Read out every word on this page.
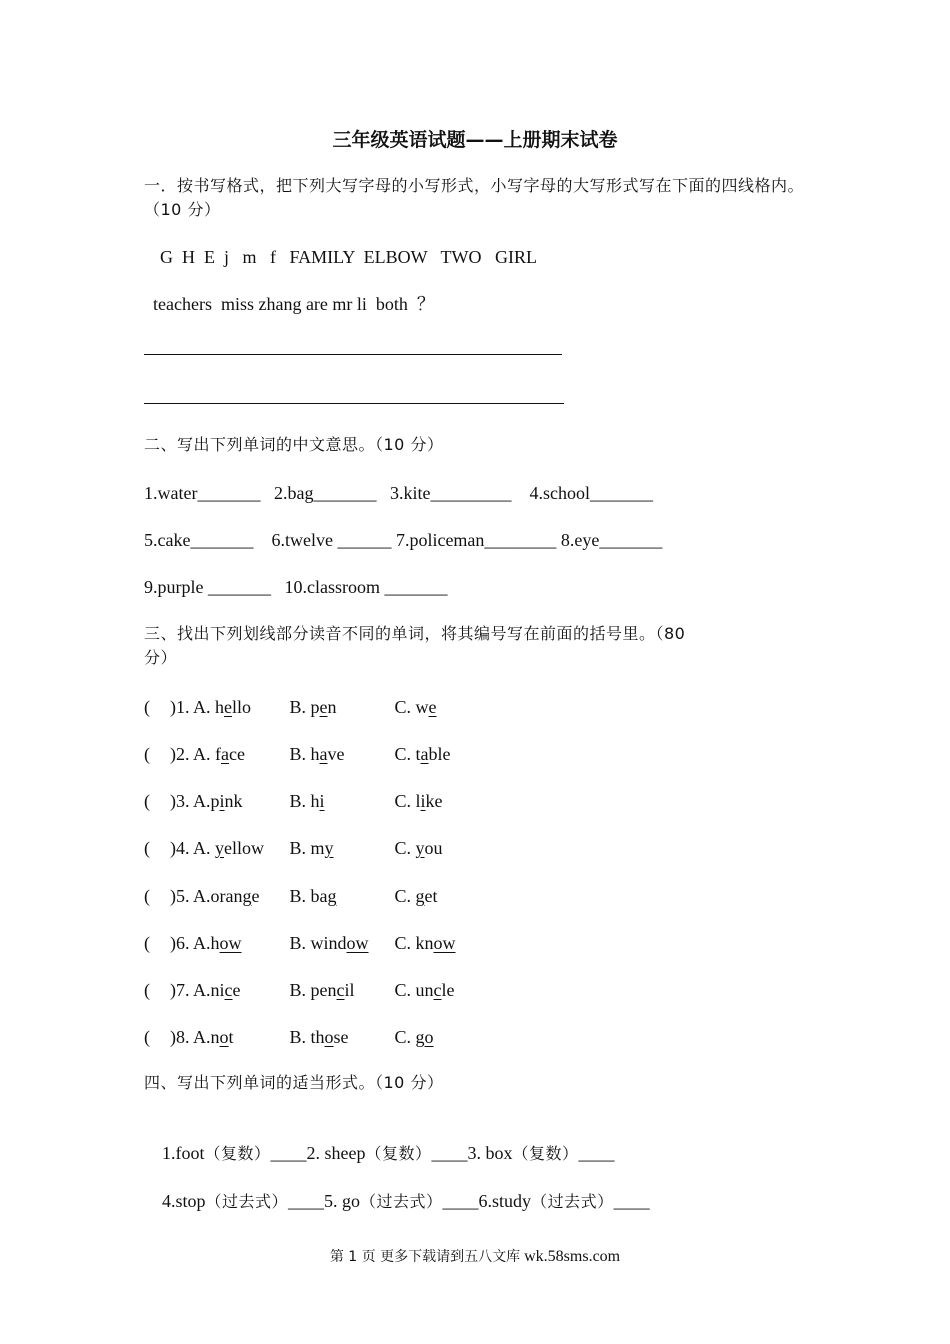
三年级英语试题——上册期末试卷
一．按书写格式，把下列大写字母的小写形式，小写字母的大写形式写在下面的四线格内。
（10 分）
G  H  E  j   m   f   FAMILY  ELBOW   TWO   GIRL
teachers  miss zhang are mr li  both  ？
二、写出下列单词的中文意思。（10 分）
1.water_______   2.bag_______   3.kite_________    4.school_______
5.cake_______    6.twelve ______ 7.policeman________ 8.eye_______
9.purple _______   10.classroom _______
三、找出下列划线部分读音不同的单词，将其编号写在前面的括号里。（80
分）
( )1. A. hello B. pen	C. we
( )2. A. face B. have	C. table
( )3. A.pink	B. hi	C. like
( )4. A. yellow B. my	C. you
( )5. A.orange B. bag	C. get
( )6. A.how	B. window C. know
( )7. A.nice	B. pencil C. uncle
( )8. A.not	B. those	C. go
四、写出下列单词的适当形式。（10 分）

1.foot（复数）____2. sheep（复数）____3. box（复数）____

4.stop（过去式）____5. go（过去式）____6.study（过去式）____

第 1 页 更多下载请到五八文库 wk.58sms.com
